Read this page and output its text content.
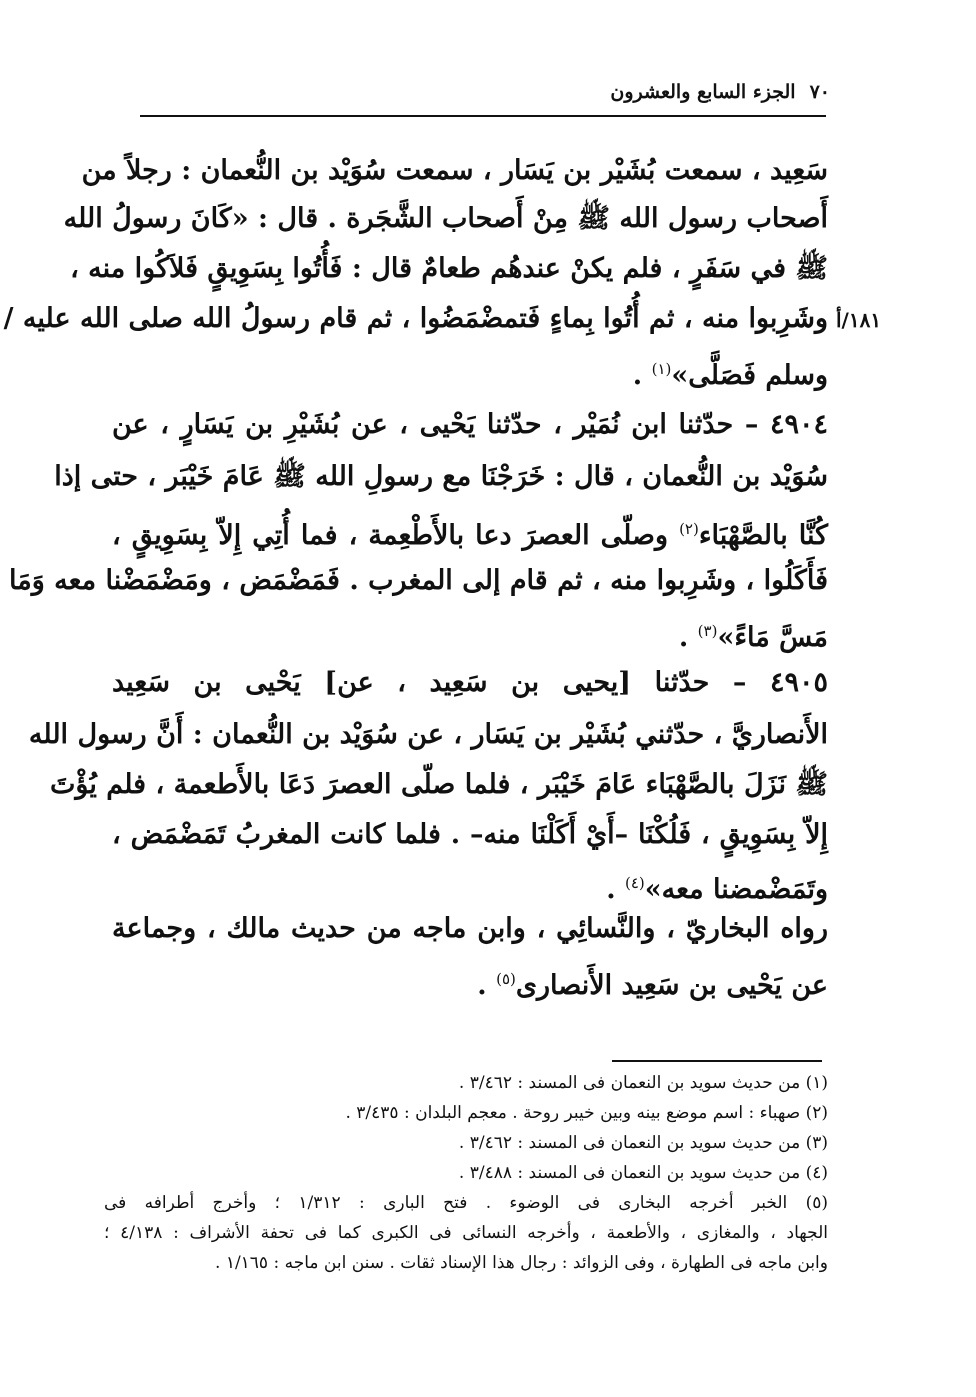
٧٠
الجزء السابع والعشرون
١٨١/أ
سَعِيد ، سمعت بُشَيْر بن يَسَار ، سمعت سُوَيْد بن النُّعمان : رجلاً من
أَصحاب رسول الله ﷺ مِنْ أَصحاب الشَّجَرة . قال : «كَانَ رسولُ الله
ﷺ في سَفَرٍ ، فلم يكنْ عندهُم طعامٌ قال : فَأُتُوا بِسَوِيقٍ فَلاَكُوا منه ،
وشَرِبوا منه ، ثم أُتُوا بِماءٍ فَتمضْمَضُوا ، ثم قام رسولُ الله صلى الله عليه /
وسلم فَصَلَّى»$^{(١)}$ .
٤٩٠٤ – حدّثنا ابن نُمَيْر ، حدّثنا يَحْيى ، عن بُشَيْرِ بن يَسَارٍ ، عن
سُوَيْد بن النُّعمان ، قال : خَرَجْنَا مع رسولِ الله ﷺ عَامَ خَيْبَر ، حتى إذا
كُنَّا بالصَّهْبَاء$^{(٢)}$ وصلّى العصرَ دعا بالأَطْعِمة ، فما أُتِي إِلاّ بِسَوِيقٍ ،
فَأَكَلُوا ، وشَرِبوا منه ، ثم قام إلى المغرب . فَمَضْمَض ، ومَضْمَضْنا معه وَمَا
مَسَّ مَاءً»$^{(٣)}$ .
٤٩٠٥ – حدّثنا [يحيى بن سَعِيد ، عن] يَحْيى بن سَعِيد
الأَنصاريَّ ، حدّثني بُشَيْر بن يَسَار ، عن سُوَيْد بن النُّعمان : أَنَّ رسول الله
ﷺ نَزَلَ بالصَّهْبَاء عَامَ خَيْبَر ، فلما صلّى العصرَ دَعَا بالأَطعمة ، فلم يُؤْتَ
إِلاّ بِسَوِيقٍ ، فَلُكْنَا –أَيْ أَكَلْنَا منه– . فلما كانت المغربُ تَمَضْمَض ،
وتَمَضْمضنا معه»$^{(٤)}$ .
رواه البخاريّ ، والنَّسائِي ، وابن ماجه من حديث مالك ، وجماعة
عن يَحْيى بن سَعِيد الأَنصارى$^{(٥)}$ .
(١) من حديث سويد بن النعمان فى المسند : ٣/٤٦٢ .
(٢) صهباء : اسم موضع بينه وبين خيبر روحة . معجم البلدان : ٣/٤٣٥ .
(٣) من حديث سويد بن النعمان فى المسند : ٣/٤٦٢ .
(٤) من حديث سويد بن النعمان فى المسند : ٣/٤٨٨ .
(٥) الخبر أخرجه البخارى فى الوضوء . فتح البارى : ١/٣١٢ ؛ وأخرج أطرافه فى
الجهاد ، والمغازى ، والأطعمة ، وأخرجه النسائى فى الكبرى كما فى تحفة الأشراف : ٤/١٣٨ ؛
وابن ماجه فى الطهارة ، وفى الزوائد : رجال هذا الإسناد ثقات . سنن ابن ماجه : ١/١٦٥ .
